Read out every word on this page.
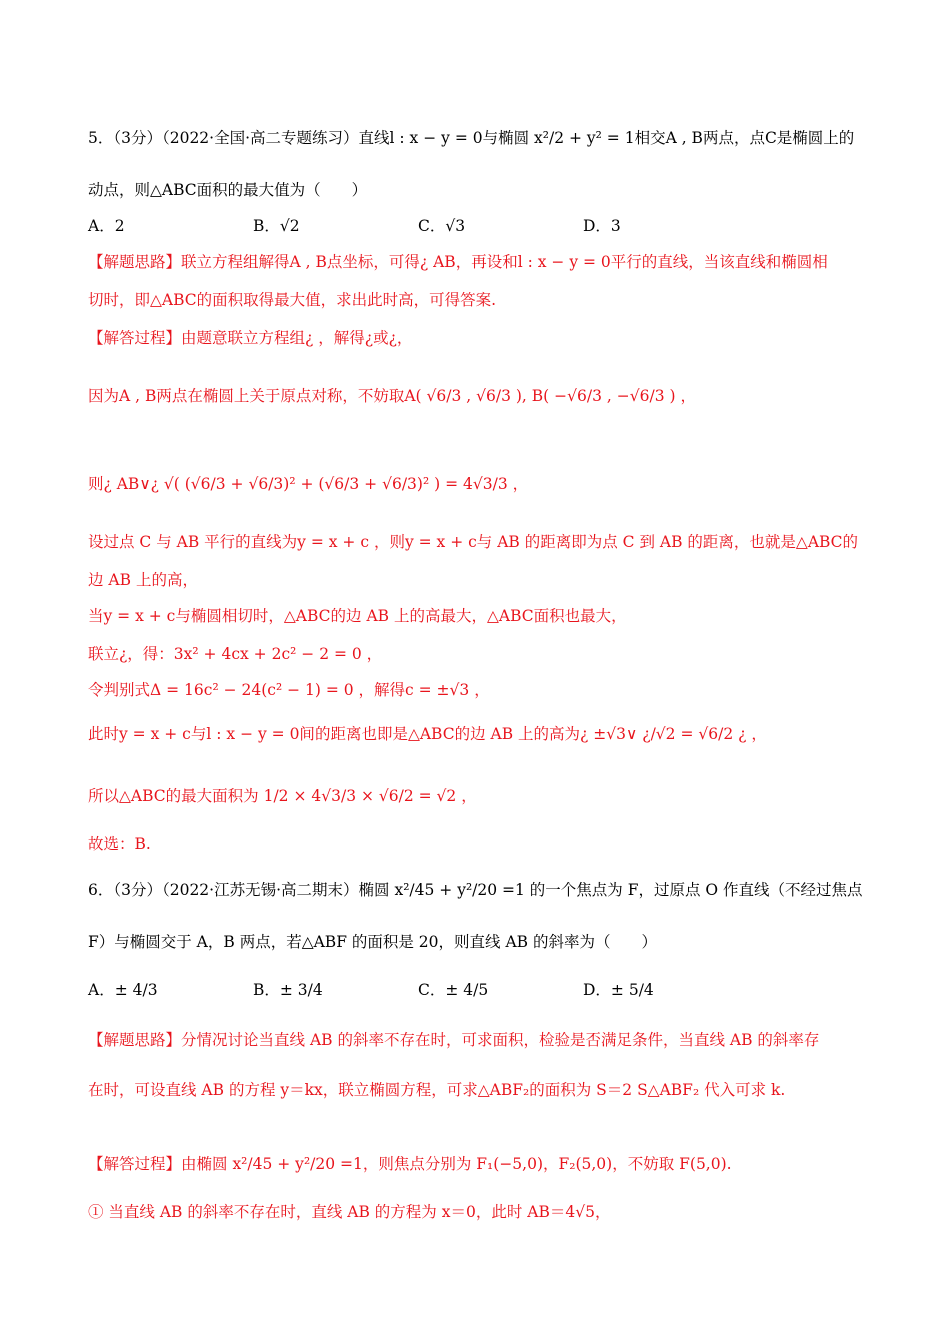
5．（3分）（2022·全国·高二专题练习）直线l : x − y = 0与椭圆 x²/2 + y² = 1相交A , B两点，点C是椭圆上的
动点，则△ABC面积的最大值为（　　）
A．2	B．√2	C．√3	D．3
【解题思路】联立方程组解得A , B点坐标，可得¿ AB，再设和l : x − y = 0平行的直线，当该直线和椭圆相
切时，即△ABC的面积取得最大值，求出此时高，可得答案.
【解答过程】由题意联立方程组¿ ，解得¿或¿，
因为A , B两点在椭圆上关于原点对称，不妨取A( √6/3 , √6/3 ), B( −√6/3 , −√6/3 ) ，
则¿ AB∨¿ √( (√6/3 + √6/3)² + (√6/3 + √6/3)² ) = 4√3/3 ，
设过点 C 与 AB 平行的直线为y = x + c ，则y = x + c与 AB 的距离即为点 C 到 AB 的距离，也就是△ABC的
边 AB 上的高，
当y = x + c与椭圆相切时，△ABC的边 AB 上的高最大，△ABC面积也最大，
联立¿，得：3x² + 4cx + 2c² − 2 = 0 ，
令判别式Δ = 16c² − 24(c² − 1) = 0 ，解得c = ±√3 ，
此时y = x + c与l : x − y = 0间的距离也即是△ABC的边 AB 上的高为¿ ±√3∨ ¿/√2 = √6/2 ¿ ，
所以△ABC的最大面积为 1/2 × 4√3/3 × √6/2 = √2 ，
故选：B.
6．（3分）（2022·江苏无锡·高二期末）椭圆 x²/45 + y²/20 =1 的一个焦点为 F，过原点 O 作直线（不经过焦点
F）与椭圆交于 A，B 两点，若△ABF 的面积是 20，则直线 AB 的斜率为（　　）
A．± 4/3	B．± 3/4	C．± 4/5	D．± 5/4
【解题思路】分情况讨论当直线 AB 的斜率不存在时，可求面积，检验是否满足条件，当直线 AB 的斜率存
在时，可设直线 AB 的方程 y＝kx，联立椭圆方程，可求△ABF₂的面积为 S＝2 S△ABF₂ 代入可求 k.
【解答过程】由椭圆 x²/45 + y²/20 =1，则焦点分别为 F₁(−5,0)，F₂(5,0)，不妨取 F(5,0).
① 当直线 AB 的斜率不存在时，直线 AB 的方程为 x＝0，此时 AB＝4√5，
